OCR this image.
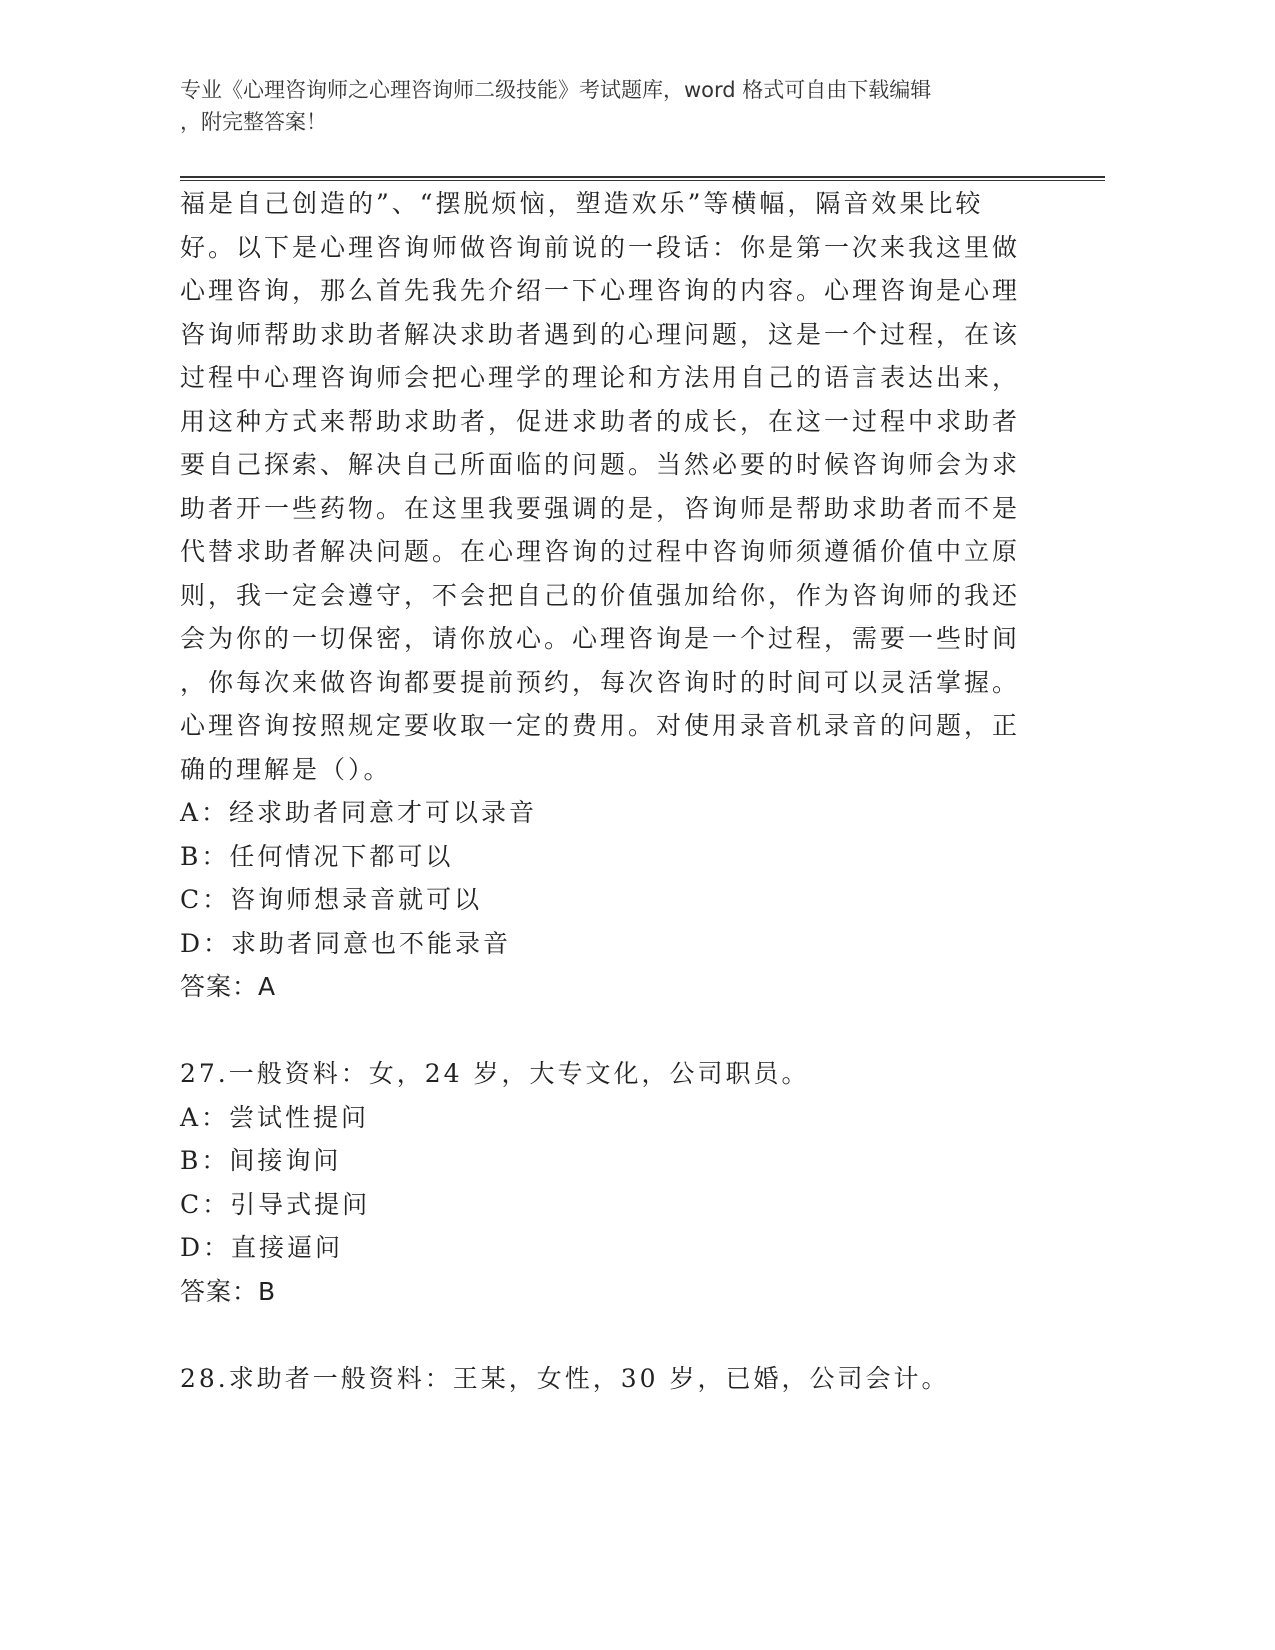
专业《心理咨询师之心理咨询师二级技能》考试题库，word 格式可自由下载编辑
，附完整答案！
福是自己创造的”、“摆脱烦恼，塑造欢乐”等横幅，隔音效果比较
好。以下是心理咨询师做咨询前说的一段话：你是第一次来我这里做
心理咨询，那么首先我先介绍一下心理咨询的内容。心理咨询是心理
咨询师帮助求助者解决求助者遇到的心理问题，这是一个过程，在该
过程中心理咨询师会把心理学的理论和方法用自己的语言表达出来，
用这种方式来帮助求助者，促进求助者的成长，在这一过程中求助者
要自己探索、解决自己所面临的问题。当然必要的时候咨询师会为求
助者开一些药物。在这里我要强调的是，咨询师是帮助求助者而不是
代替求助者解决问题。在心理咨询的过程中咨询师须遵循价值中立原
则，我一定会遵守，不会把自己的价值强加给你，作为咨询师的我还
会为你的一切保密，请你放心。心理咨询是一个过程，需要一些时间
，你每次来做咨询都要提前预约，每次咨询时的时间可以灵活掌握。
心理咨询按照规定要收取一定的费用。对使用录音机录音的问题，正
确的理解是（）。
A：经求助者同意才可以录音
B：任何情况下都可以
C：咨询师想录音就可以
D：求助者同意也不能录音
答案：A
27.一般资料：女，24 岁，大专文化，公司职员。
A：尝试性提问
B：间接询问
C：引导式提问
D：直接逼问
答案：B
28.求助者一般资料：王某，女性，30 岁，已婚，公司会计。
